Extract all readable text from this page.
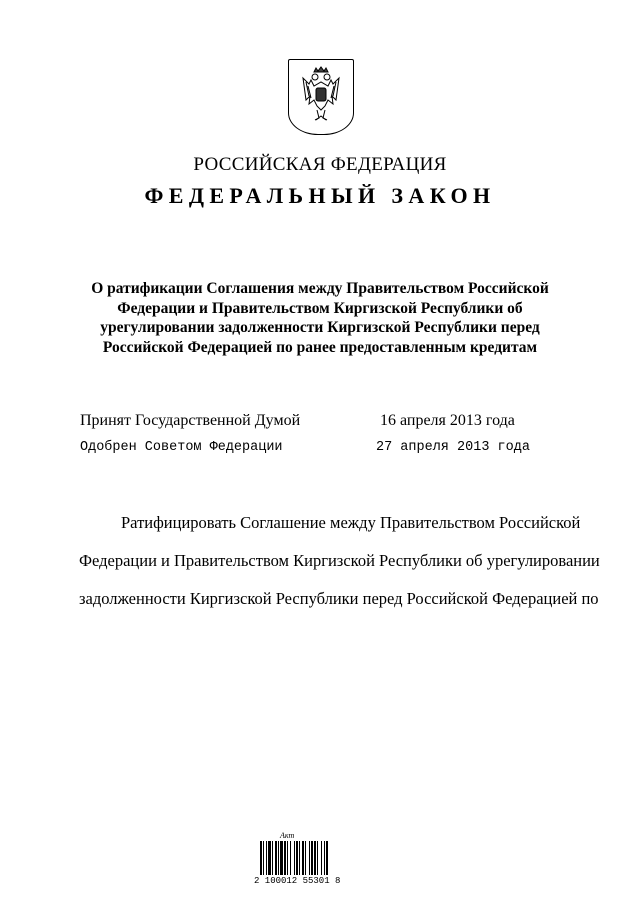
РОССИЙСКАЯ ФЕДЕРАЦИЯ
ФЕДЕРАЛЬНЫЙ ЗАКОН
О ратификации Соглашения между Правительством Российской
Федерации и Правительством Киргизской Республики об
урегулировании задолженности Киргизской Республики перед
Российской Федерацией по ранее предоставленным кредитам
Принят Государственной Думой	16 апреля 2013 года
Одобрен Советом Федерации	27 апреля 2013 года
Ратифицировать Соглашение между Правительством Российской
Федерации и Правительством Киргизской Республики об урегулировании
задолженности Киргизской Республики перед Российской Федерацией по
Акт
2 100012 55301 8
